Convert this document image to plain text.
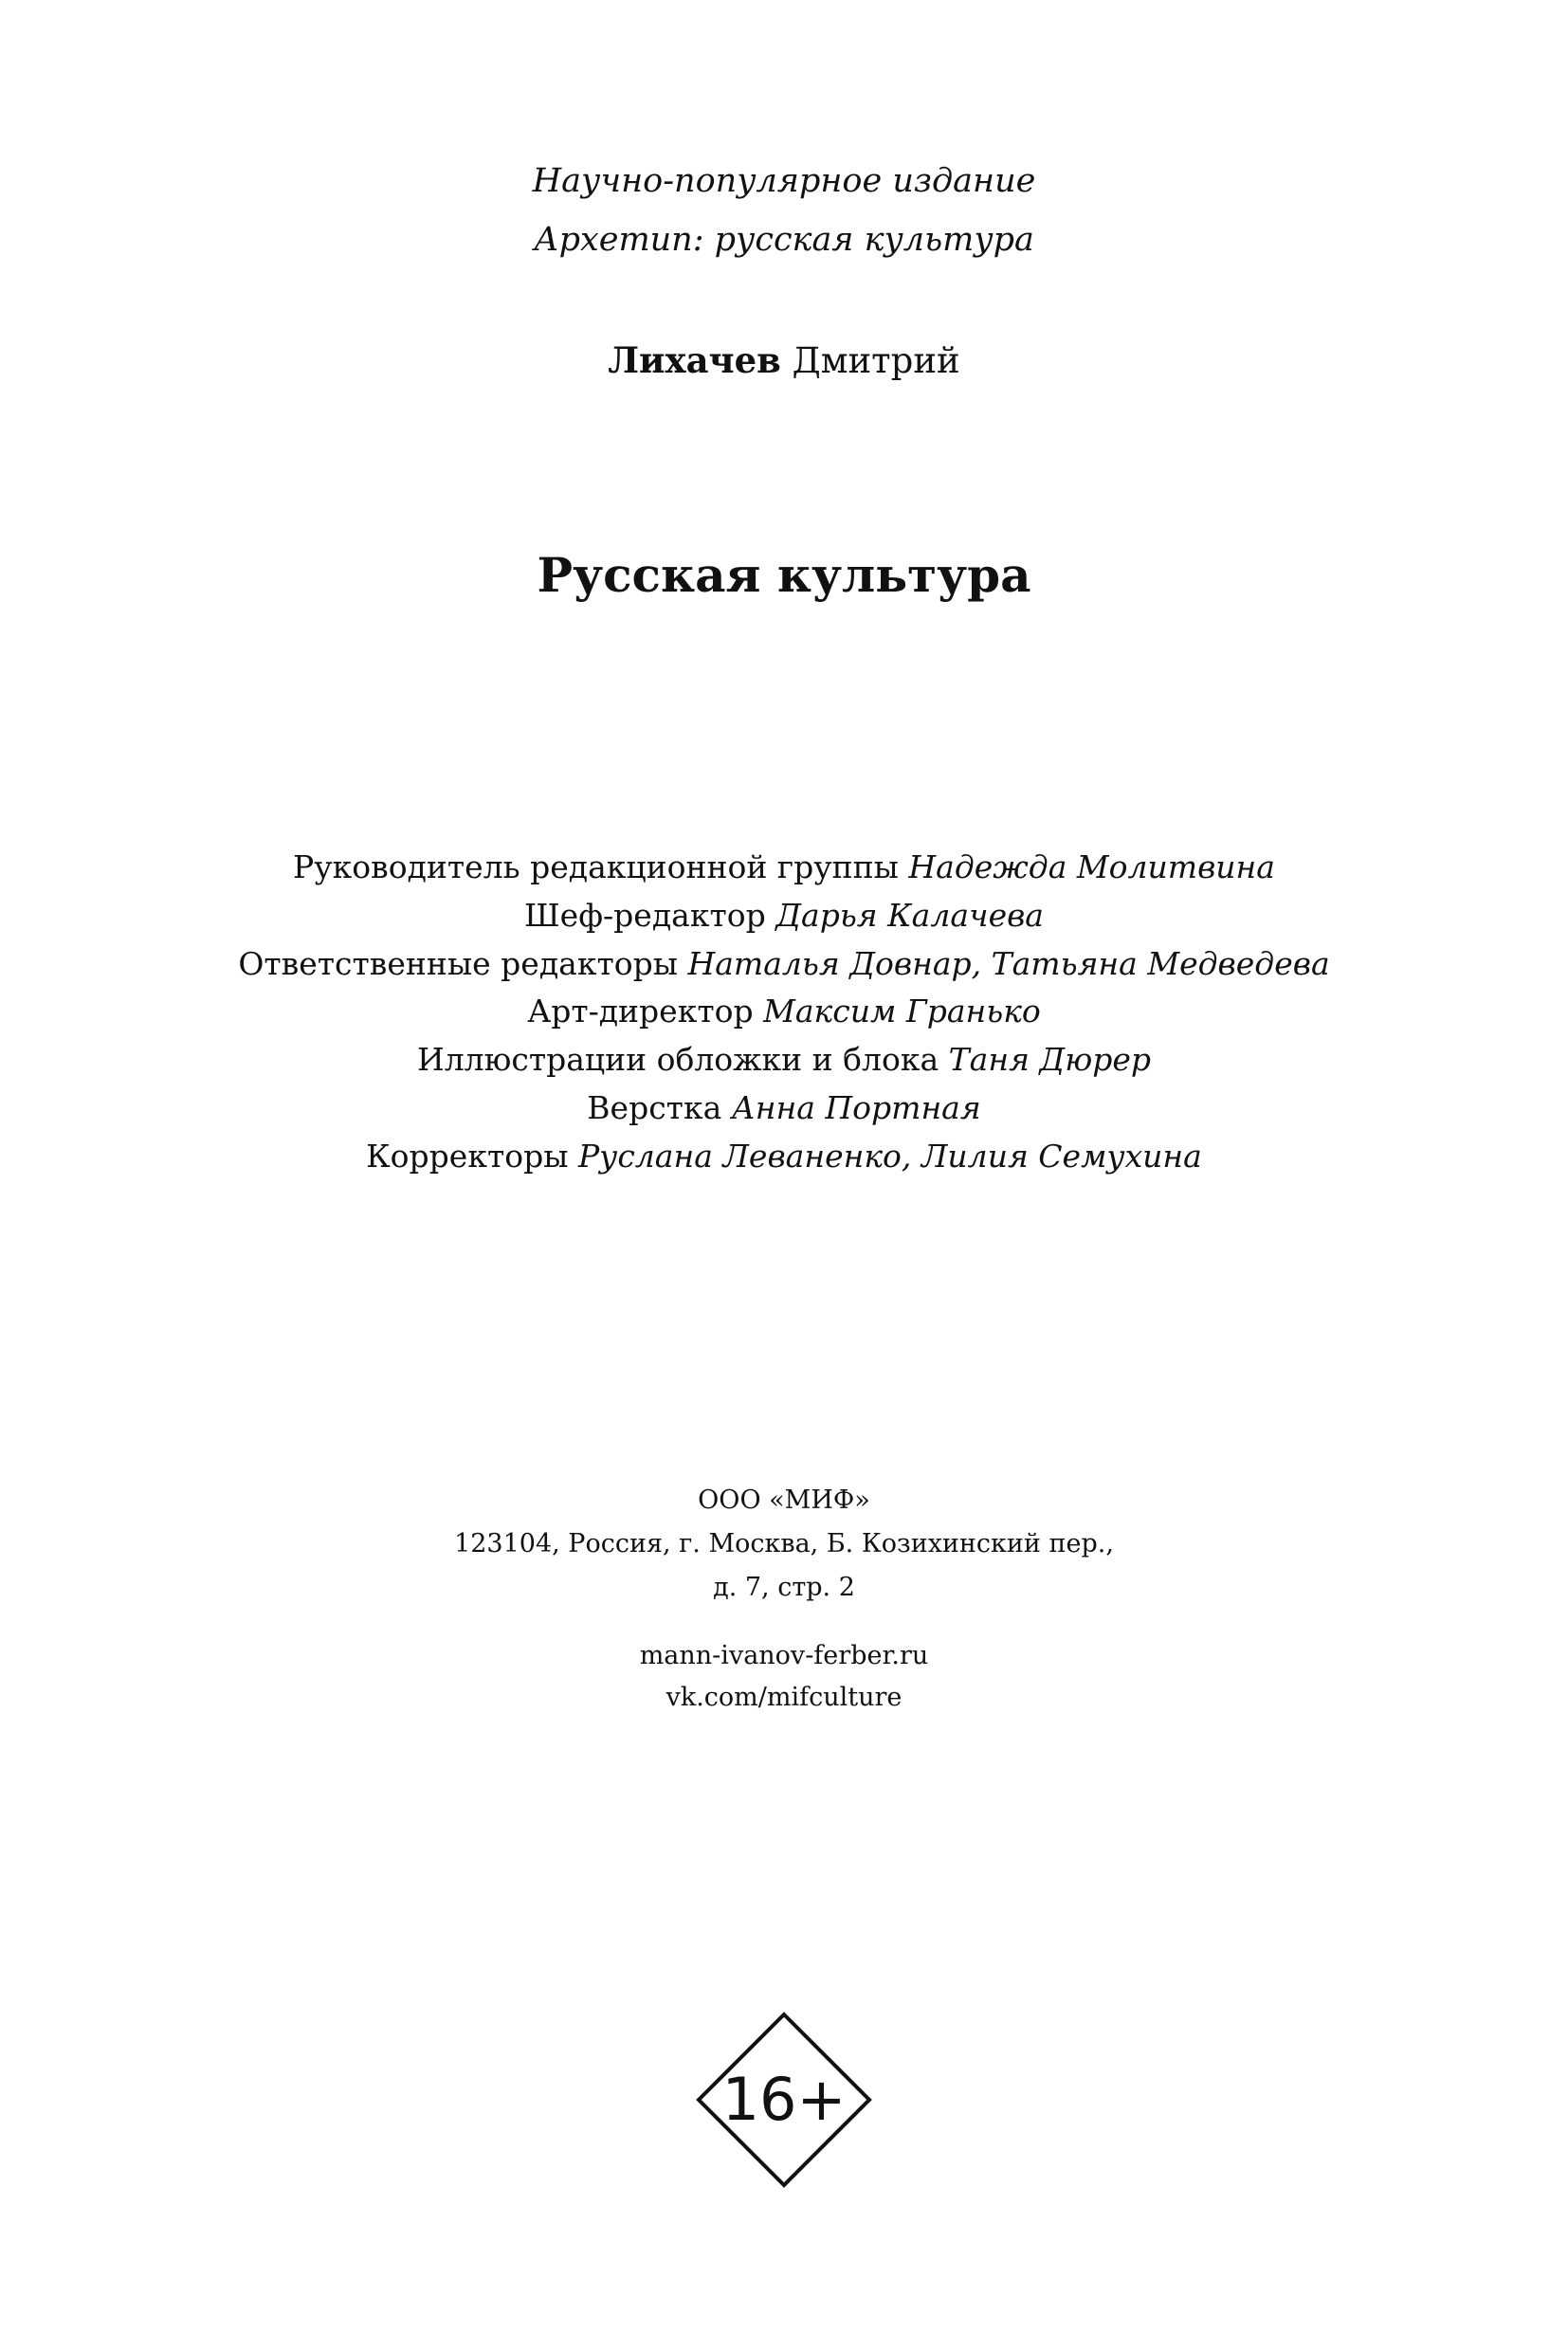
Научно-популярное издание
Архетип: русская культура
Лихачев Дмитрий
Русская культура
Руководитель редакционной группы Надежда Молитвина
Шеф-редактор Дарья Калачева
Ответственные редакторы Наталья Довнар, Татьяна Медведева
Арт-директор Максим Гранько
Иллюстрации обложки и блока Таня Дюрер
Верстка Анна Портная
Корректоры Руслана Леваненко, Лилия Семухина
ООО «МИФ»
123104, Россия, г. Москва, Б. Козихинский пер.,
д. 7, стр. 2
mann-ivanov-ferber.ru
vk.com/mifculture
16+
